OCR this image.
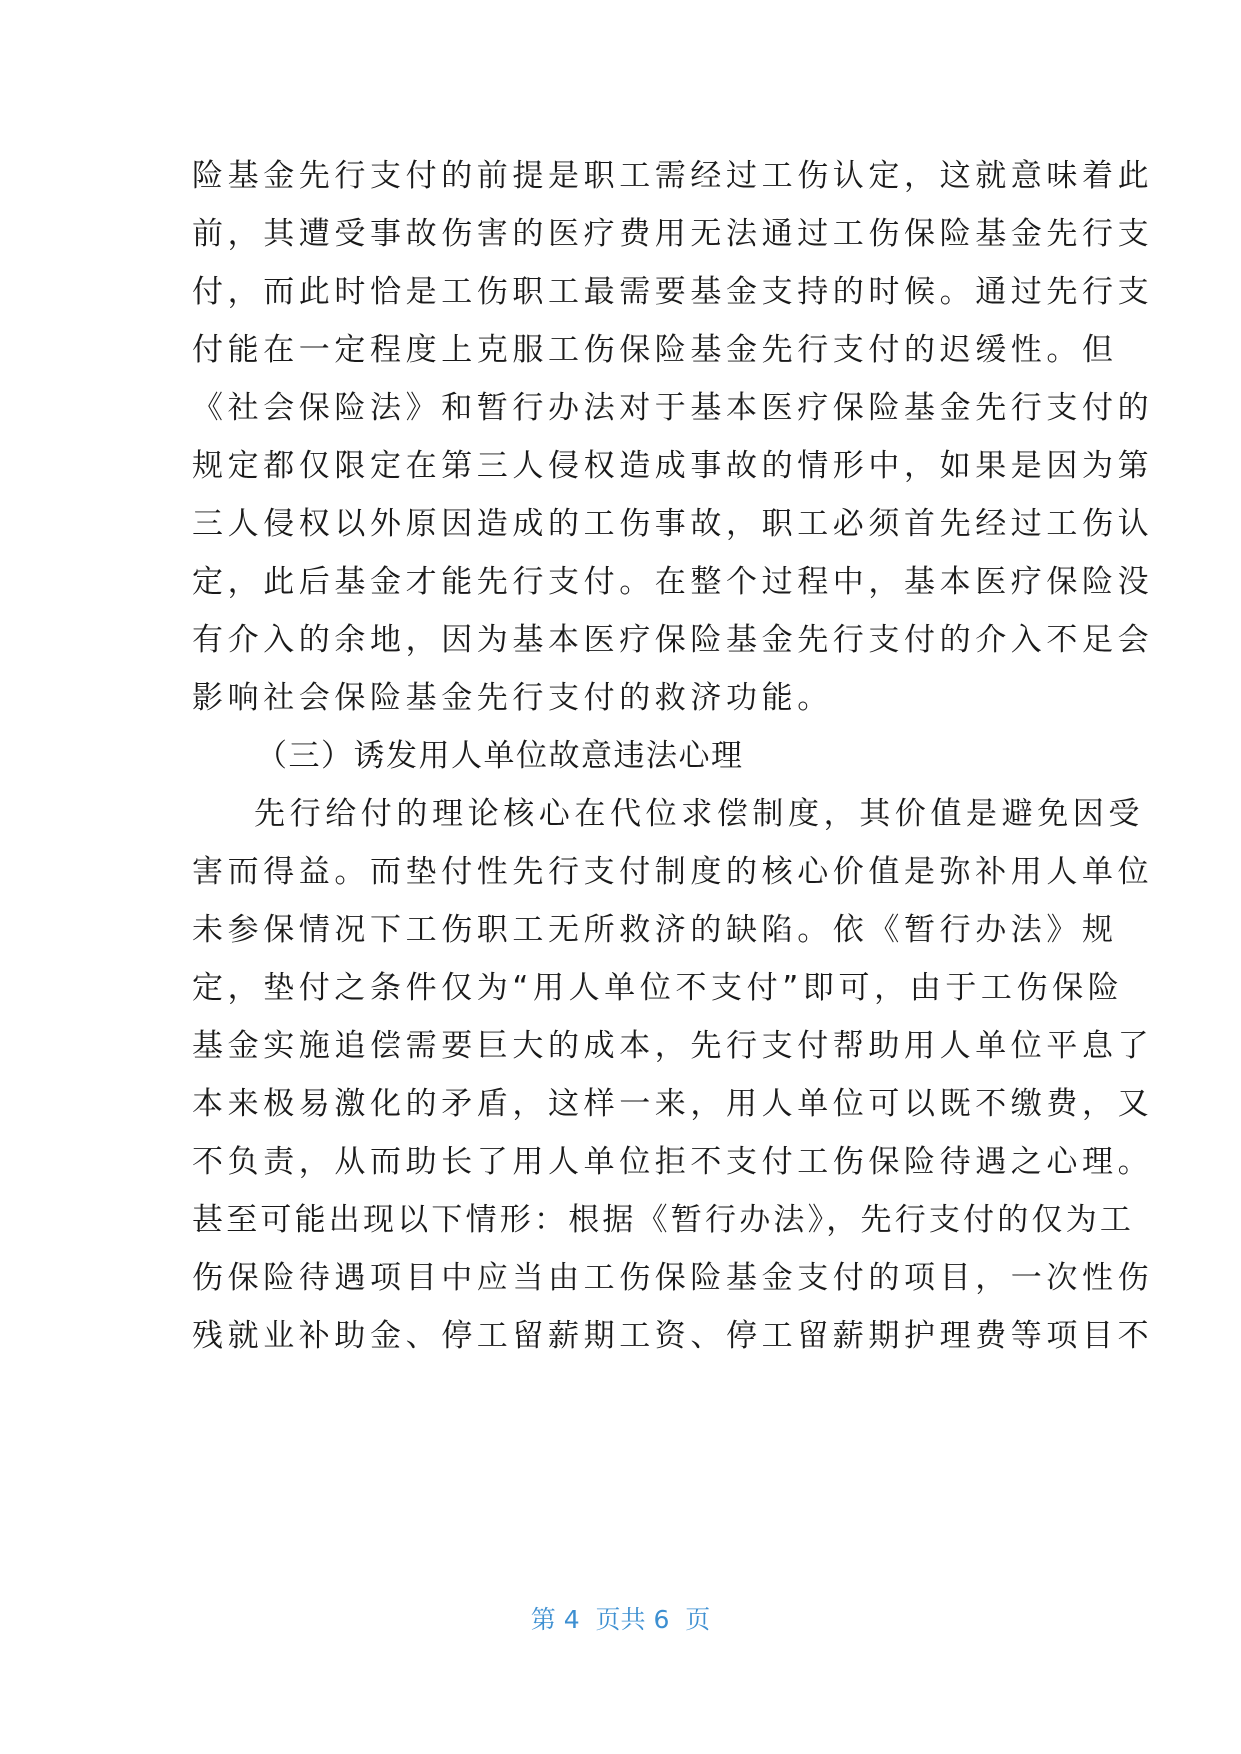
险基金先行支付的前提是职工需经过工伤认定，这就意味着此
前，其遭受事故伤害的医疗费用无法通过工伤保险基金先行支
付，而此时恰是工伤职工最需要基金支持的时候。通过先行支
付能在一定程度上克服工伤保险基金先行支付的迟缓性。但
《社会保险法》和暂行办法对于基本医疗保险基金先行支付的
规定都仅限定在第三人侵权造成事故的情形中，如果是因为第
三人侵权以外原因造成的工伤事故，职工必须首先经过工伤认
定，此后基金才能先行支付。在整个过程中，基本医疗保险没
有介入的余地，因为基本医疗保险基金先行支付的介入不足会
影响社会保险基金先行支付的救济功能。
（三）诱发用人单位故意违法心理
先行给付的理论核心在代位求偿制度，其价值是避免因受
害而得益。而垫付性先行支付制度的核心价值是弥补用人单位
未参保情况下工伤职工无所救济的缺陷。依《暂行办法》规
定，垫付之条件仅为“用人单位不支付”即可，由于工伤保险
基金实施追偿需要巨大的成本，先行支付帮助用人单位平息了
本来极易激化的矛盾，这样一来，用人单位可以既不缴费，又
不负责，从而助长了用人单位拒不支付工伤保险待遇之心理。
甚至可能出现以下情形：根据《暂行办法》，先行支付的仅为工
伤保险待遇项目中应当由工伤保险基金支付的项目，一次性伤
残就业补助金、停工留薪期工资、停工留薪期护理费等项目不
第 4  页共 6  页
